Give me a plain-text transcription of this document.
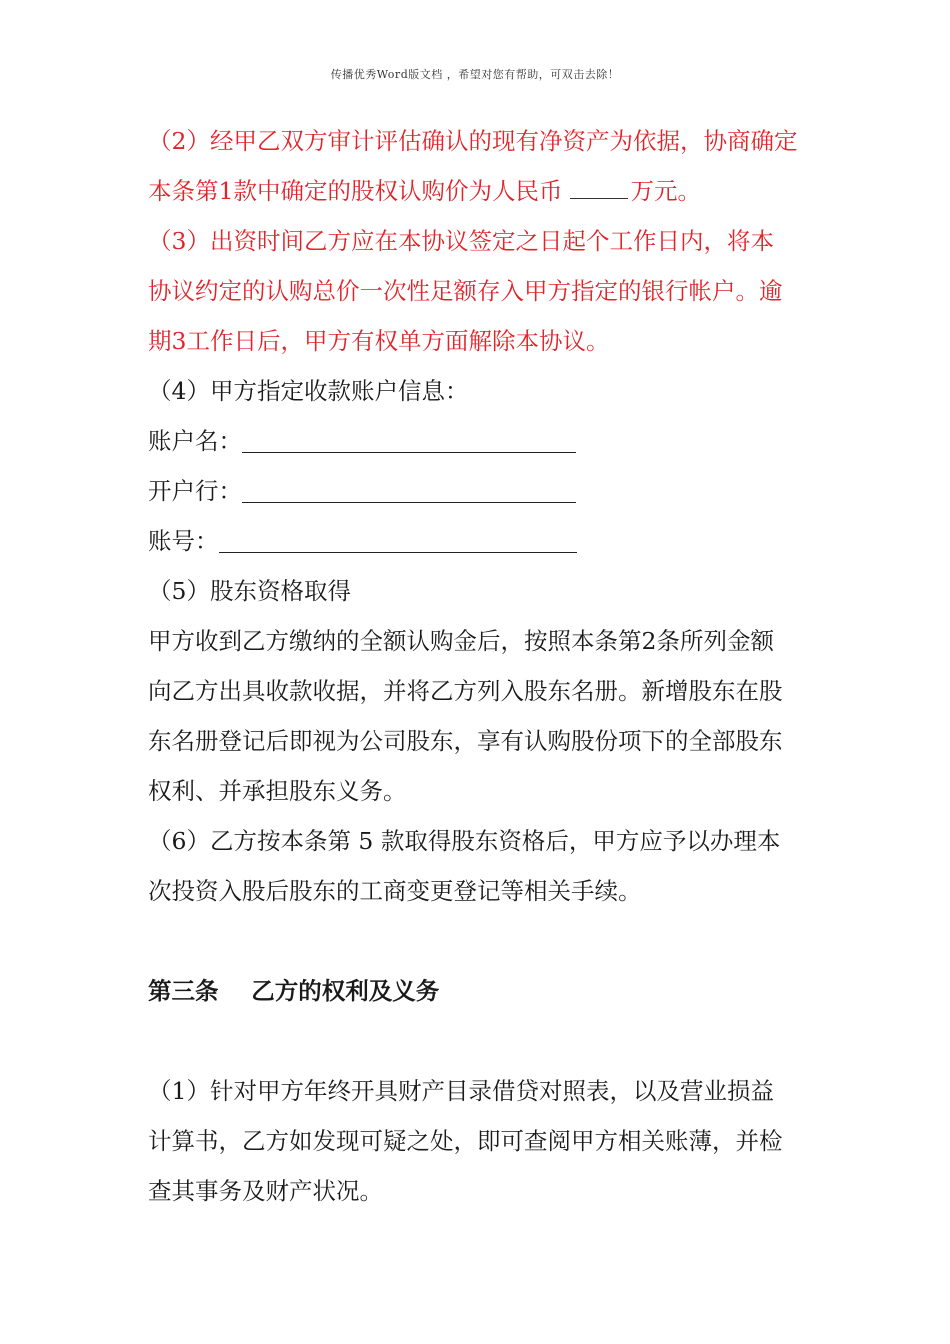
传播优秀Word版文档 ，希望对您有帮助，可双击去除！
（2）经甲乙双方审计评估确认的现有净资产为依据，协商确定
本条第1款中确定的股权认购价为人民币	万元。
（3）出资时间乙方应在本协议签定之日起个工作日内，将本
协议约定的认购总价一次性足额存入甲方指定的银行帐户。逾
期3工作日后，甲方有权单方面解除本协议。
（4）甲方指定收款账户信息：
账户名：
开户行：
账号：
（5）股东资格取得
甲方收到乙方缴纳的全额认购金后，按照本条第2条所列金额
向乙方出具收款收据，并将乙方列入股东名册。新增股东在股
东名册登记后即视为公司股东，享有认购股份项下的全部股东
权利、并承担股东义务。
（6）乙方按本条第 5 款取得股东资格后，甲方应予以办理本
次投资入股后股东的工商变更登记等相关手续。
第三条    乙方的权利及义务
（1）针对甲方年终开具财产目录借贷对照表，以及营业损益
计算书，乙方如发现可疑之处，即可查阅甲方相关账薄，并检
查其事务及财产状况。
